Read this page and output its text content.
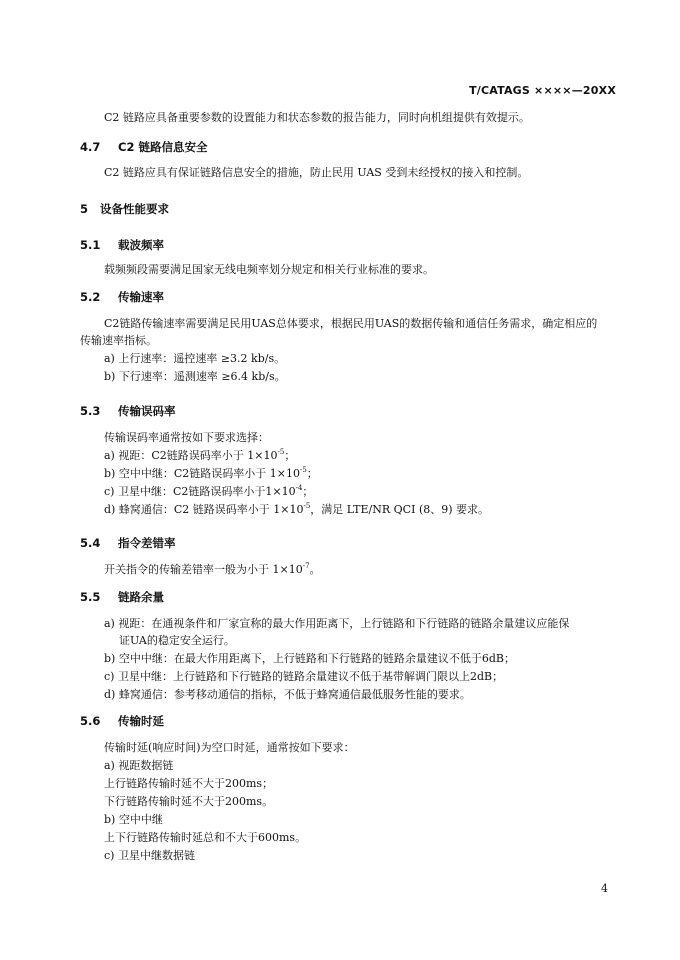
T/CATAGS ××××—20XX
C2 链路应具备重要参数的设置能力和状态参数的报告能力，同时向机组提供有效提示。
4.7 C2 链路信息安全
C2 链路应具有保证链路信息安全的措施，防止民用 UAS 受到未经授权的接入和控制。
5 设备性能要求
5.1 载波频率
载频频段需要满足国家无线电频率划分规定和相关行业标准的要求。
5.2 传输速率
C2链路传输速率需要满足民用UAS总体要求，根据民用UAS的数据传输和通信任务需求，确定相应的
传输速率指标。
a) 上行速率：遥控速率 ≥3.2 kb/s。
b) 下行速率：遥测速率 ≥6.4 kb/s。
5.3 传输误码率
传输误码率通常按如下要求选择：
a) 视距：C2链路误码率小于 $1\times 10^{-5}$；
b) 空中中继：C2链路误码率小于 $1\times 10^{-5}$；
c) 卫星中继：C2链路误码率小于$1\times 10^{-4}$；
d) 蜂窝通信：C2 链路误码率小于 $1\times 10^{-5}$，满足 LTE/NR QCI (8、9) 要求。
5.4 指令差错率
开关指令的传输差错率一般为小于 $1\times 10^{-7}$。
5.5 链路余量
a) 视距：在通视条件和厂家宣称的最大作用距离下，上行链路和下行链路的链路余量建议应能保
证UA的稳定安全运行。
b) 空中中继：在最大作用距离下，上行链路和下行链路的链路余量建议不低于6dB；
c) 卫星中继：上行链路和下行链路的链路余量建议不低于基带解调门限以上2dB；
d) 蜂窝通信：参考移动通信的指标，不低于蜂窝通信最低服务性能的要求。
5.6 传输时延
传输时延(响应时间)为空口时延，通常按如下要求：
a) 视距数据链
上行链路传输时延不大于200ms；
下行链路传输时延不大于200ms。
b) 空中中继
上下行链路传输时延总和不大于600ms。
c) 卫星中继数据链
4
